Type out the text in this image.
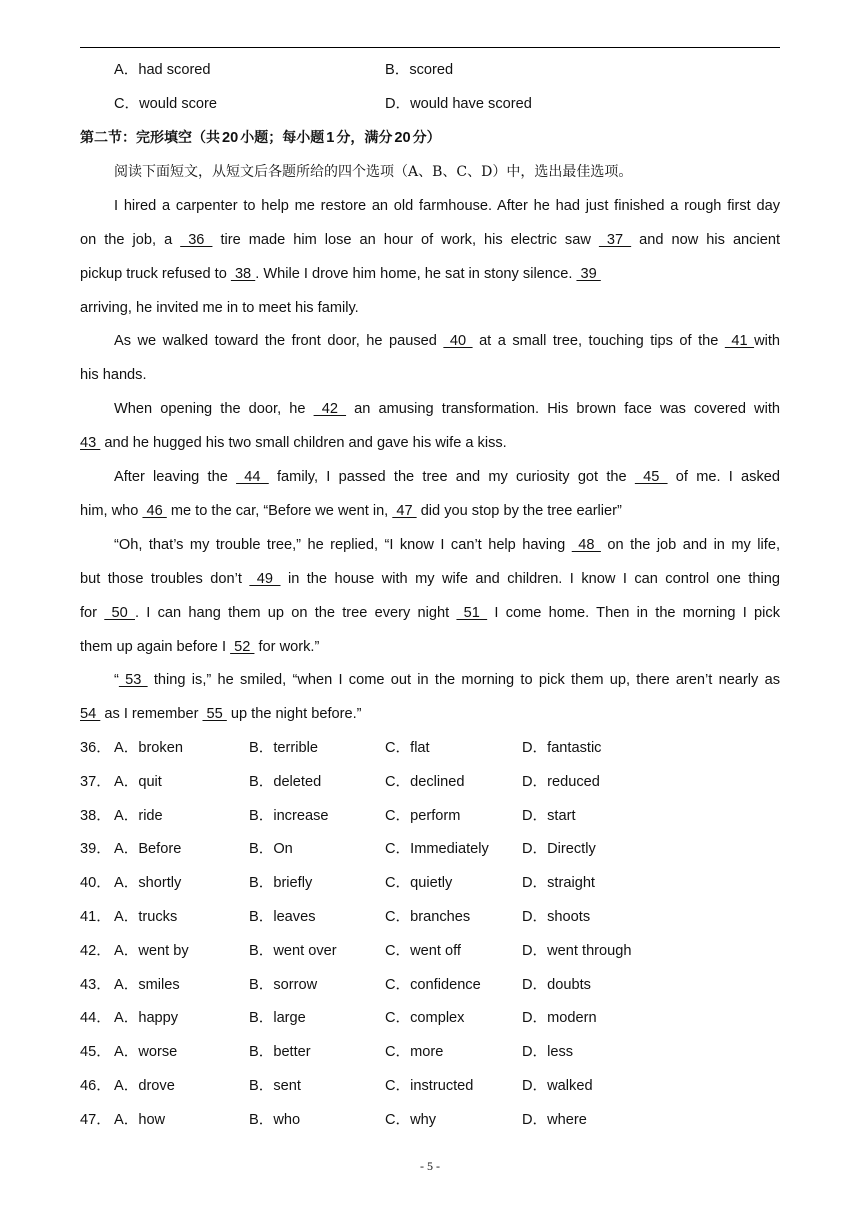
A．had scored	B．scored
C．would score	D．would have scored
第二节：完形填空（共 20 小题；每小题 1 分，满分 20 分）
阅读下面短文，从短文后各题所给的四个选项（A、B、C、D）中，选出最佳选项。
I hired a carpenter to help me restore an old farmhouse. After he had just finished a rough first day
on the job, a  36  tire made him lose an hour of work, his electric saw  37  and now his ancient
pickup truck refused to  38 . While I drove him home, he sat in stony silence.  39
arriving, he invited me in to meet his family.
As we walked toward the front door, he paused  40  at a small tree, touching tips of the  41 with
his hands.
When opening the door, he  42  an amusing transformation. His brown face was covered with
43  and he hugged his two small children and gave his wife a kiss.
After leaving the  44  family, I passed the tree and my curiosity got the  45  of me. I asked
him, who  46  me to the car, “Before we went in,  47  did you stop by the tree earlier”
“Oh, that’s my trouble tree,” he replied, “I know I can’t help having  48  on the job and in my life,
but those troubles don’t  49  in the house with my wife and children. I know I can control one thing
for  50 . I can hang them up on the tree every night  51  I come home. Then in the morning I pick
them up again before I  52  for work.”
“ 53  thing is,” he smiled, “when I come out in the morning to pick them up, there aren’t nearly as
54  as I remember  55  up the night before.”
36． A．broken	B．terrible	C．flat	D．fantastic
37． A．quit	B．deleted	C．declined	D．reduced
38． A．ride	B．increase	C．perform	D．start
39． A．Before	B．On	C．Immediately D．Directly
40． A．shortly	B．briefly	C．quietly	D．straight
41． A．trucks	B．leaves	C．branches	D．shoots
42． A．went by	B．went over	C．went off	D．went through
43． A．smiles	B．sorrow	C．confidence	D．doubts
44． A．happy	B．large	C．complex	D．modern
45． A．worse	B．better	C．more	D．less
46． A．drove	B．sent	C．instructed	D．walked
47． A．how	B．who	C．why	D．where
- 5 -
